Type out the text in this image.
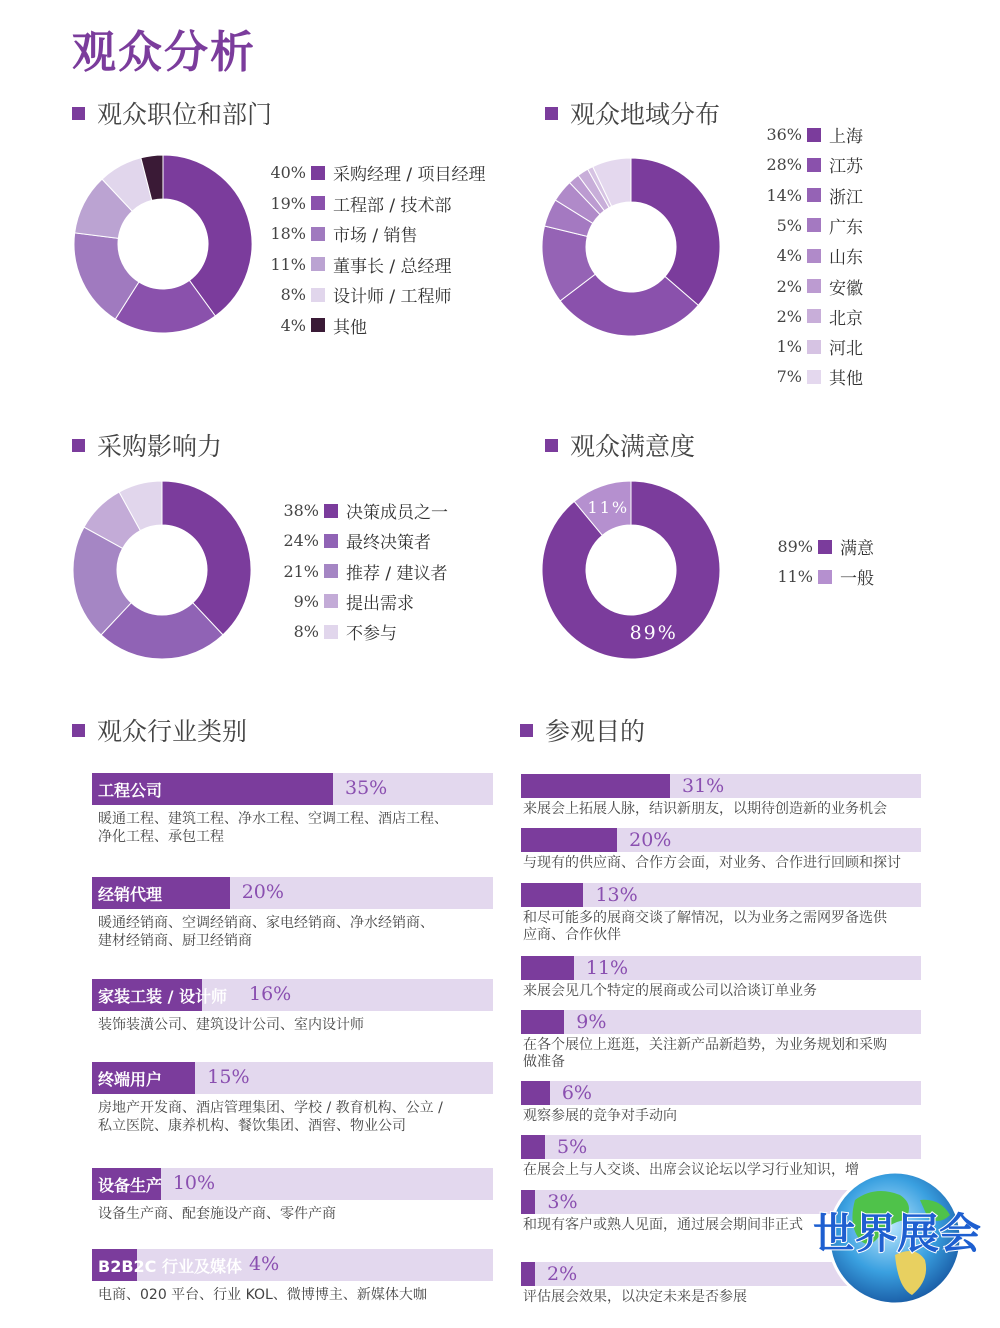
观众分析
观众职位和部门	观众地域分布
采购影响力	观众满意度
观众行业类别	参观目的
89%
11%
40% 采购经理 / 项目经理
19% 工程部 / 技术部
18% 市场 / 销售
11% 董事长 / 总经理
8% 设计师 / 工程师
4% 其他
36% 上海
28% 江苏
14% 浙江
5% 广东
4% 山东
2% 安徽
2% 北京
1% 河北
7% 其他
38% 决策成员之一
24% 最终决策者
21% 推荐 / 建议者
9% 提出需求
8% 不参与
89% 满意
11% 一般
工程公司	35%
暖通工程、建筑工程、净水工程、空调工程、酒店工程、
净化工程、承包工程
经销代理	20%
暖通经销商、空调经销商、家电经销商、净水经销商、
建材经销商、厨卫经销商
家装工装 / 设计师 16%
装饰装潢公司、建筑设计公司、室内设计师
终端用户 15%
房地产开发商、酒店管理集团、学校 / 教育机构、公立 /
私立医院、康养机构、餐饮集团、酒窖、物业公司
设备生产 10%
设备生产商、配套施设产商、零件产商
B2B2C 行业及媒体 4%
电商、020 平台、行业 KOL、微博博主、新媒体大咖
31%
来展会上拓展人脉，结识新朋友，以期待创造新的业务机会
20%
与现有的供应商、合作方会面，对业务、合作进行回顾和探讨
13%
和尽可能多的展商交谈了解情况，以为业务之需网罗备选供
应商、合作伙伴
11%
来展会见几个特定的展商或公司以洽谈订单业务
9%
在各个展位上逛逛，关注新产品新趋势，为业务规划和采购
做准备
6%
观察参展的竞争对手动向
5%
在展会上与人交谈、出席会议论坛以学习行业知识，增
3%
和现有客户或熟人见面，通过展会期间非正式
2%
评估展会效果，以决定未来是否参展
世界展会
